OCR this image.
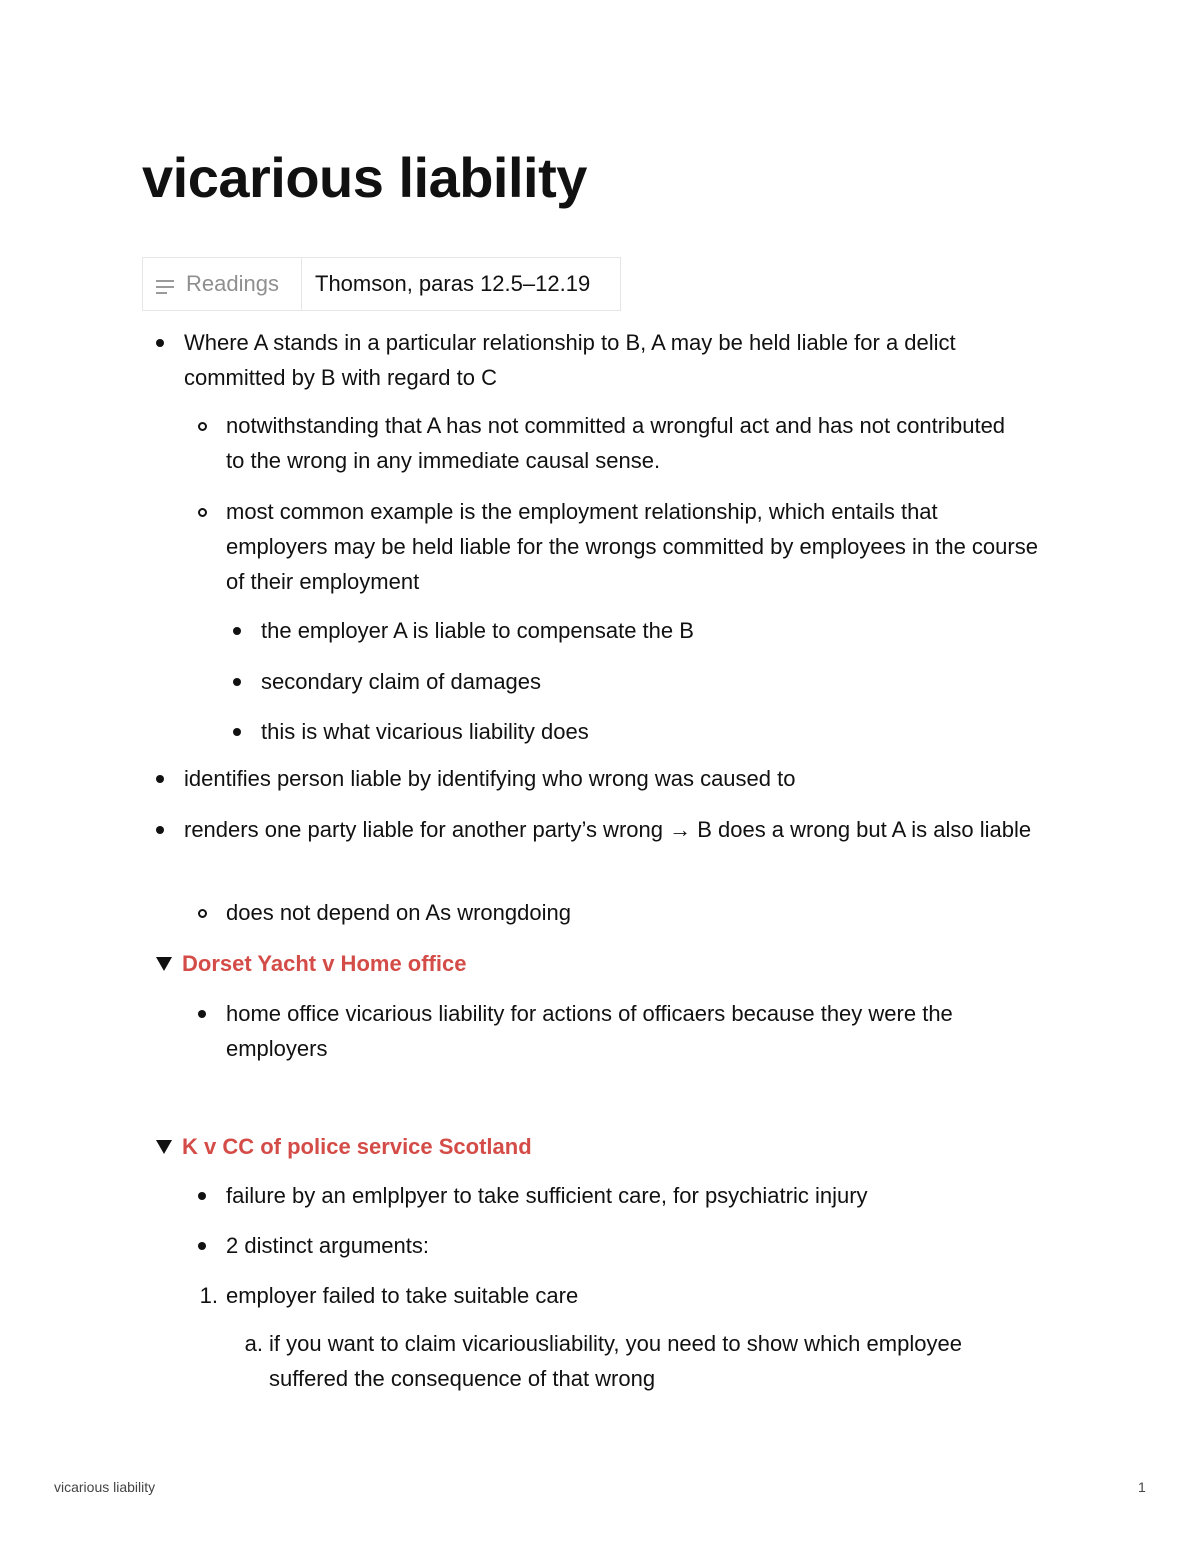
vicarious liability
Readings Thomson, paras 12.5–12.19
Where A stands in a particular relationship to B, A may be held liable for a delict committed by B with regard to C
notwithstanding that A has not committed a wrongful act and has not contributed to the wrong in any immediate causal sense.
most common example is the employment relationship, which entails that employers may be held liable for the wrongs committed by employees in the course of their employment
the employer A is liable to compensate the B
secondary claim of damages
this is what vicarious liability does
identifies person liable by identifying who wrong was caused to
renders one party liable for another party’s wrong → B does a wrong but A is also liable
does not depend on As wrongdoing
Dorset Yacht v Home office
home office vicarious liability for actions of officaers because they were the employers
K v CC of police service Scotland
failure by an emlplpyer to take sufficient care, for psychiatric injury
2 distinct arguments:
1. employer failed to take suitable care
a. if you want to claim vicariousliability, you need to show which employee suffered the consequence of that wrong
vicarious liability	1
